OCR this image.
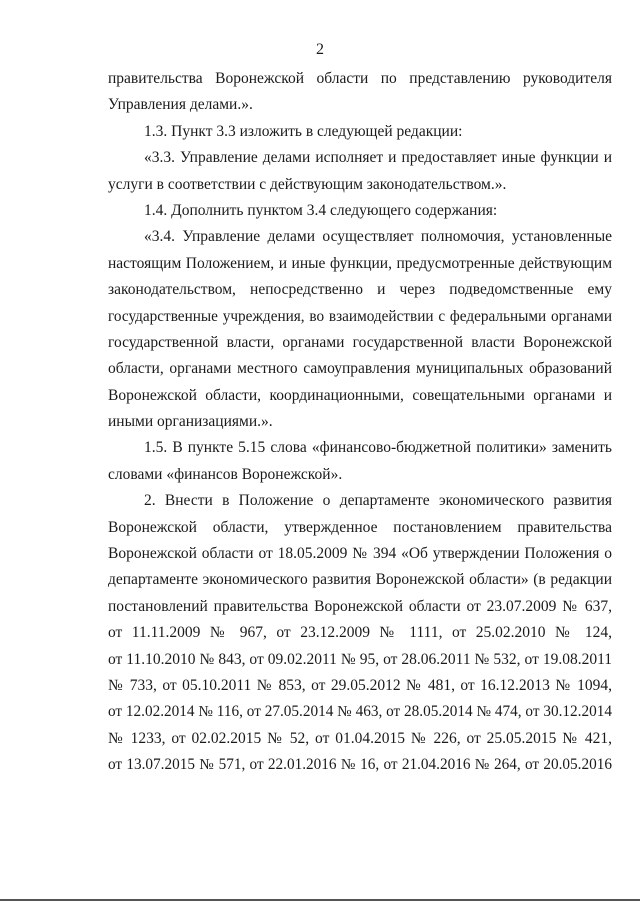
2
правительства Воронежской области по представлению руководителя
Управления делами.».
1.3. Пункт 3.3 изложить в следующей редакции:
«3.3. Управление делами исполняет и предоставляет иные функции и
услуги в соответствии с действующим законодательством.».
1.4. Дополнить пунктом 3.4 следующего содержания:
«3.4. Управление делами осуществляет полномочия, установленные
настоящим Положением, и иные функции, предусмотренные действующим
законодательством, непосредственно и через подведомственные ему
государственные учреждения, во взаимодействии с федеральными органами
государственной власти, органами государственной власти Воронежской
области, органами местного самоуправления муниципальных образований
Воронежской области, координационными, совещательными органами и
иными организациями.».
1.5. В пункте 5.15 слова «финансово-бюджетной политики» заменить
словами «финансов Воронежской».
2. Внести в Положение о департаменте экономического развития
Воронежской области, утвержденное постановлением правительства
Воронежской области от 18.05.2009 № 394 «Об утверждении Положения о
департаменте экономического развития Воронежской области» (в редакции
постановлений правительства Воронежской области от 23.07.2009 № 637,
от 11.11.2009 № 967, от 23.12.2009 № 1111, от 25.02.2010 № 124,
от 11.10.2010 № 843, от 09.02.2011 № 95, от 28.06.2011 № 532, от 19.08.2011
№ 733, от 05.10.2011 № 853, от 29.05.2012 № 481, от 16.12.2013 № 1094,
от 12.02.2014 № 116, от 27.05.2014 № 463, от 28.05.2014 № 474, от 30.12.2014
№ 1233, от 02.02.2015 № 52, от 01.04.2015 № 226, от 25.05.2015 № 421,
от 13.07.2015 № 571, от 22.01.2016 № 16, от 21.04.2016 № 264, от 20.05.2016
